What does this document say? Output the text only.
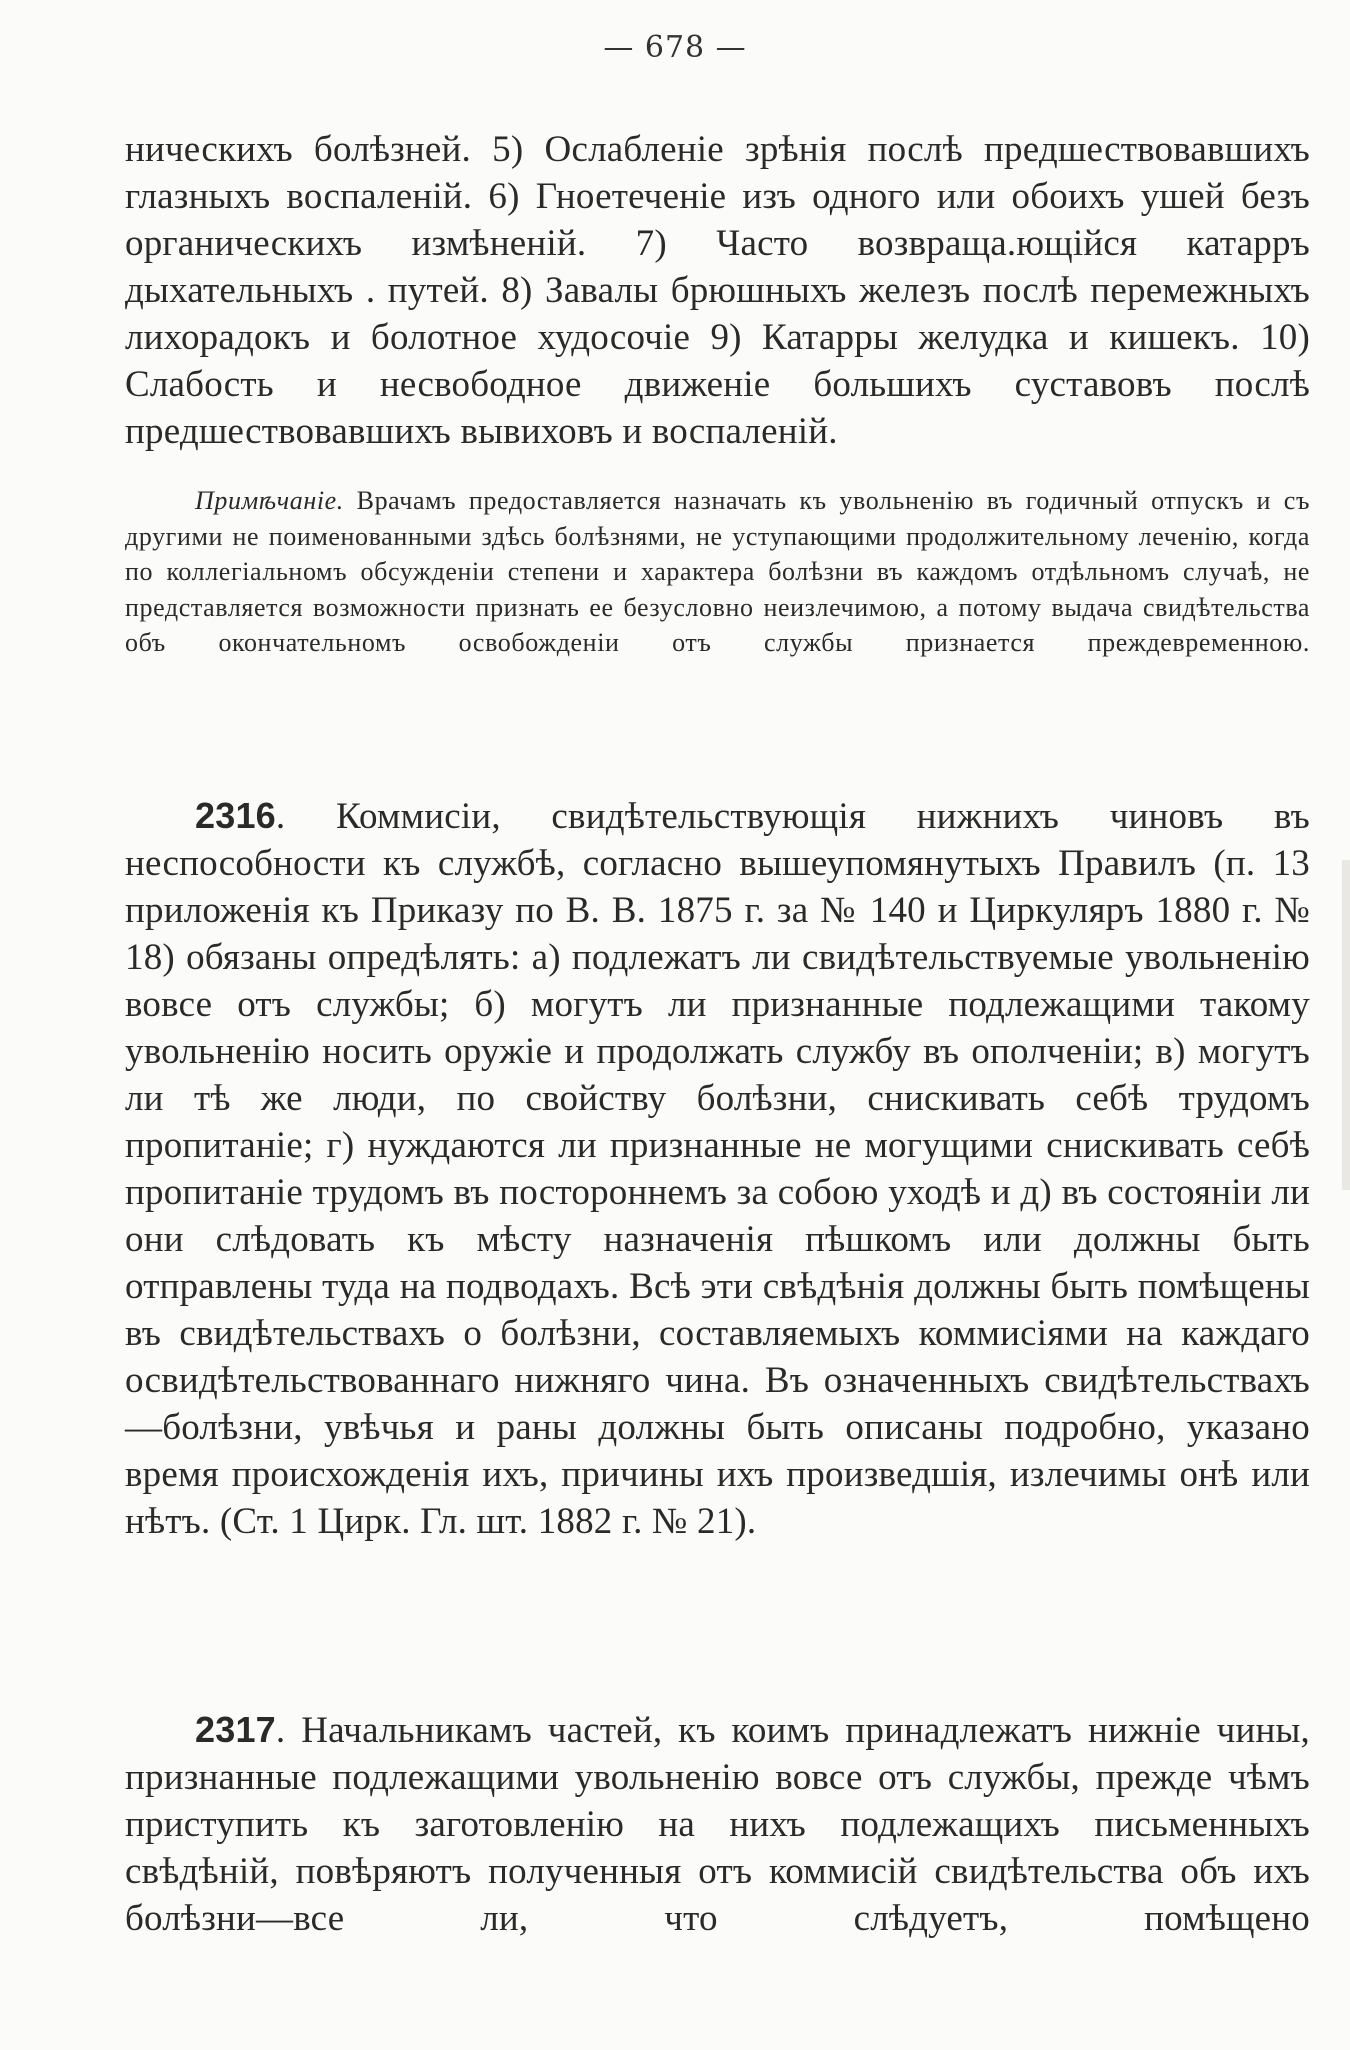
— 678 —

ническихъ болѣзней. 5) Ослабленіе зрѣнія послѣ предшествовавшихъ глазныхъ воспаленій. 6) Гноетеченіе изъ одного или обоихъ ушей безъ органическихъ измѣненій. 7) Часто возвраща.ющійся катарръ дыхательныхъ . путей. 8) Завалы брюшныхъ железъ послѣ перемежныхъ лихорадокъ и болотное худосочіе 9) Катарры желудка и кишекъ. 10) Слабость и несвободное движеніе большихъ суставовъ послѣ предшествовавшихъ вывиховъ и воспаленій.

Примѣчаніе. Врачамъ предоставляется назначать къ увольненію въ годичный отпускъ и съ другими не поименованными здѣсь болѣзнями, не уступающими продолжительному леченію, когда по коллегіальномъ обсужденіи степени и характера болѣзни въ каждомъ отдѣльномъ случаѣ, не представляется возможности признать ее безусловно неизлечимою, а потому выдача свидѣтельства объ окончательномъ освобожденіи отъ службы признается преждевременною.

2316. Коммисіи, свидѣтельствующія нижнихъ чиновъ въ неспособности къ службѣ, согласно вышеупомянутыхъ Правилъ (п. 13 приложенія къ Приказу по В. В. 1875 г. за № 140 и Циркуляръ 1880 г. № 18) обязаны опредѣлять: а) подлежатъ ли свидѣтельствуемые увольненію вовсе отъ службы; б) могутъ ли признанные подлежащими такому увольненію носить оружіе и продолжать службу въ ополченіи; в) могутъ ли тѣ же люди, по свойству болѣзни, снискивать себѣ трудомъ пропитаніе; г) нуждаются ли признанные не могущими снискивать себѣ пропитаніе трудомъ въ постороннемъ за собою уходѣ и д) въ состояніи ли они слѣдовать къ мѣсту назначенія пѣшкомъ или должны быть отправлены туда на подводахъ. Всѣ эти свѣдѣнія должны быть помѣщены въ свидѣтельствахъ о болѣзни, составляемыхъ коммисіями на каждаго освидѣтельствованнаго нижняго чина. Въ означенныхъ свидѣтельствахъ—болѣзни, увѣчья и раны должны быть описаны подробно, указано время происхожденія ихъ, причины ихъ произведшія, излечимы онѣ или нѣтъ. (Ст. 1 Цирк. Гл. шт. 1882 г. № 21).

2317. Начальникамъ частей, къ коимъ принадлежатъ нижніе чины, признанные подлежащими увольненію вовсе отъ службы, прежде чѣмъ приступить къ заготовленію на нихъ подлежащихъ письменныхъ свѣдѣній, повѣряютъ полученныя отъ коммисій свидѣтельства объ ихъ болѣзни—все ли, что слѣдуетъ, помѣщено
